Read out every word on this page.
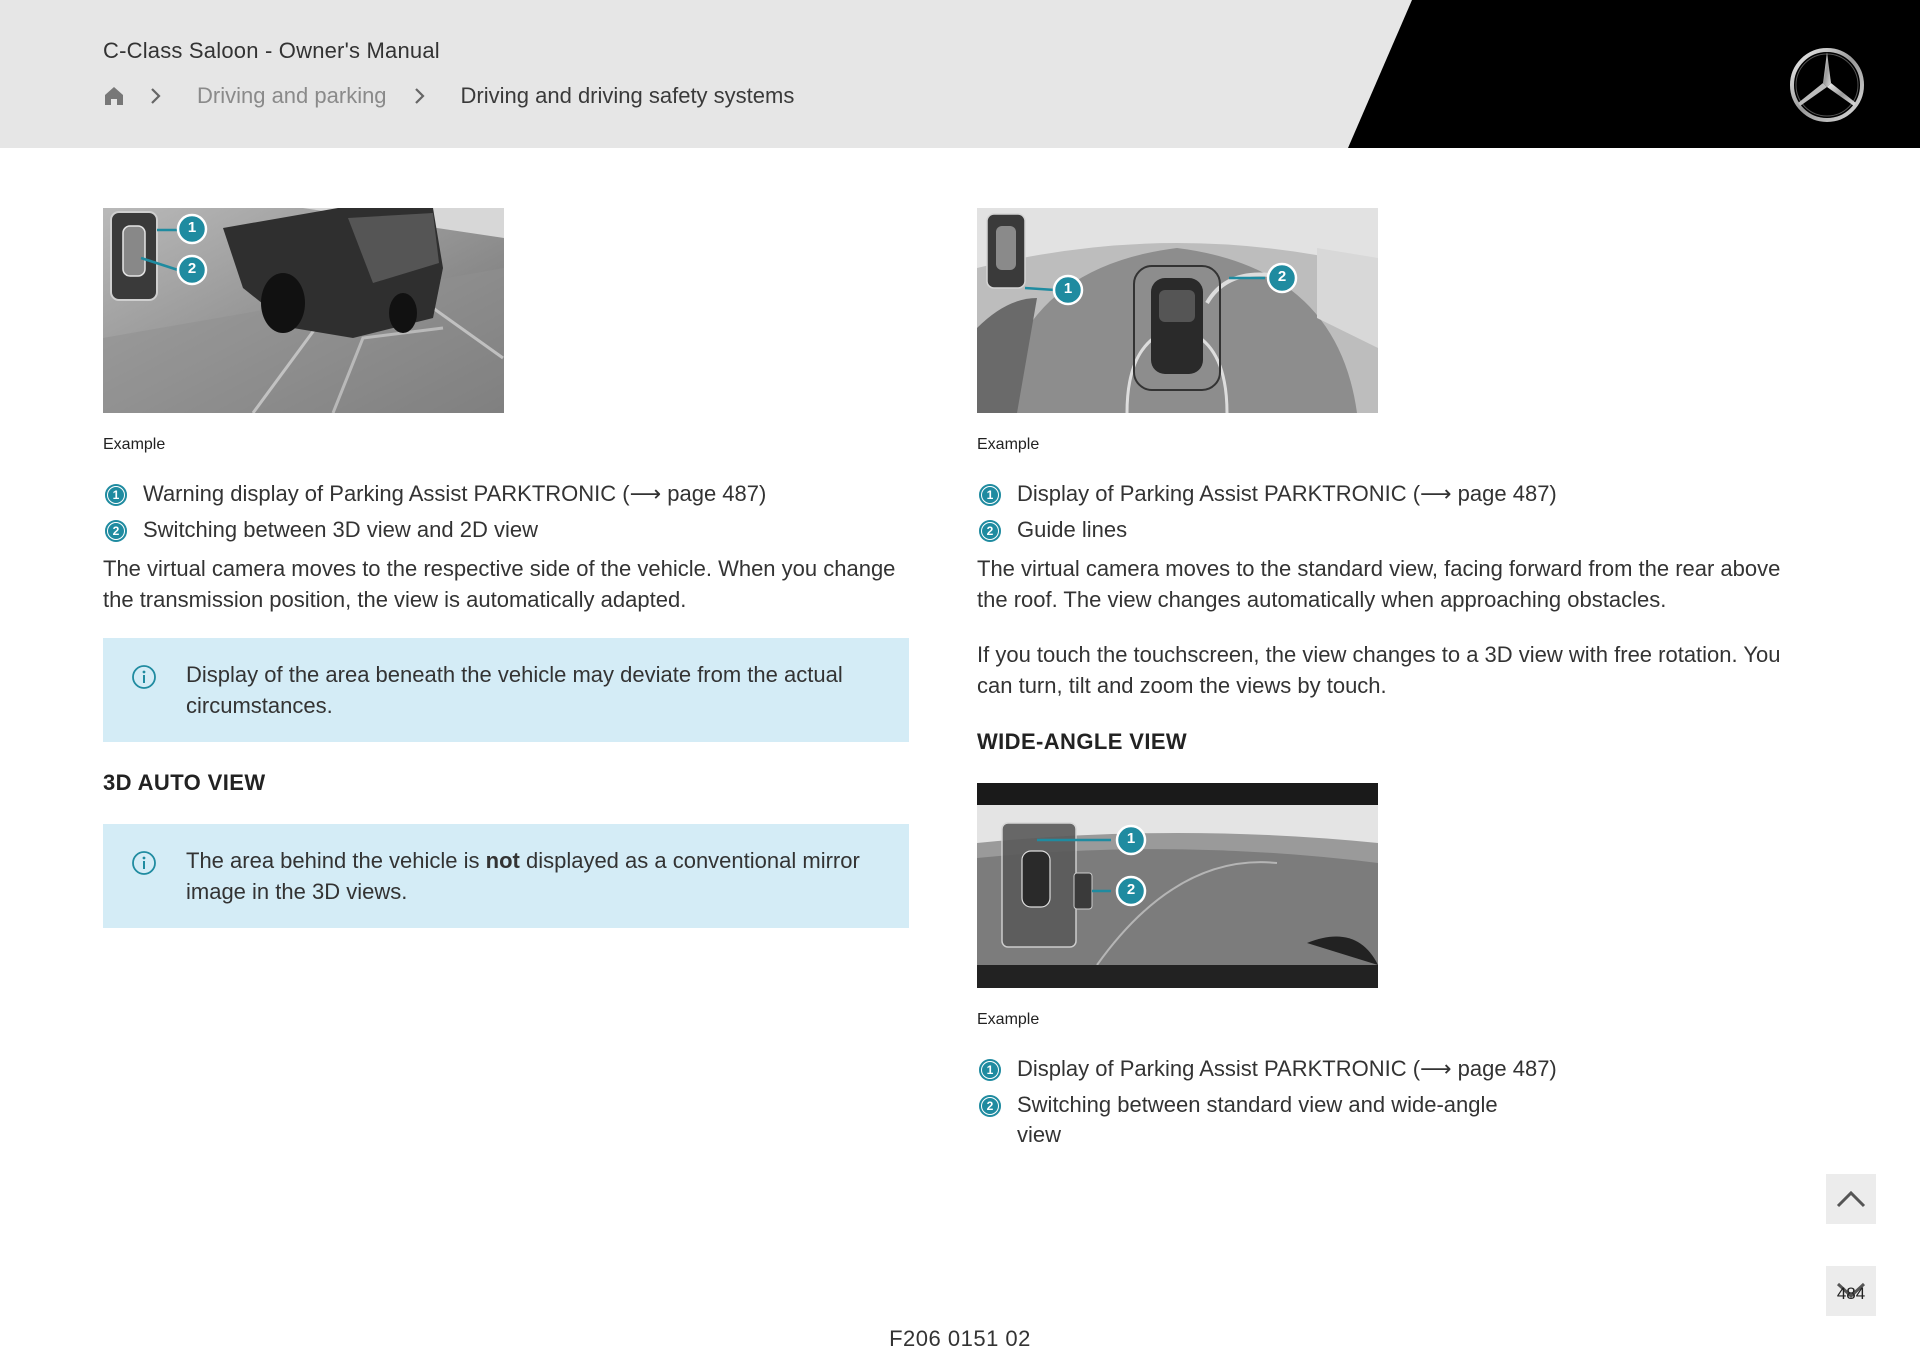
C-Class Saloon - Owner's Manual
Driving and parking	Driving and driving safety systems
1
2
Example
1	Warning display of Parking Assist PARKTRONIC (⟶ page 487)
2	Switching between 3D view and 2D view

The virtual camera moves to the respective side of the vehicle. When you change the transmission position, the view is automatically adapted.

Display of the area beneath the vehicle may deviate from the actual circumstances.
3D AUTO VIEW
The area behind the vehicle is not displayed as a conventional mirror image in the 3D views.
1
2
Example
1	Display of Parking Assist PARKTRONIC (⟶ page 487)
2	Guide lines

The virtual camera moves to the standard view, facing forward from the rear above the roof. The view changes automatically when approaching obstacles.

If you touch the touchscreen, the view changes to a 3D view with free rotation. You can turn, tilt and zoom the views by touch.

WIDE-ANGLE VIEW
1
2
Example
1	Display of Parking Assist PARKTRONIC (⟶ page 487)
2	Switching between standard view and wide-angle view
484
F206 0151 02
